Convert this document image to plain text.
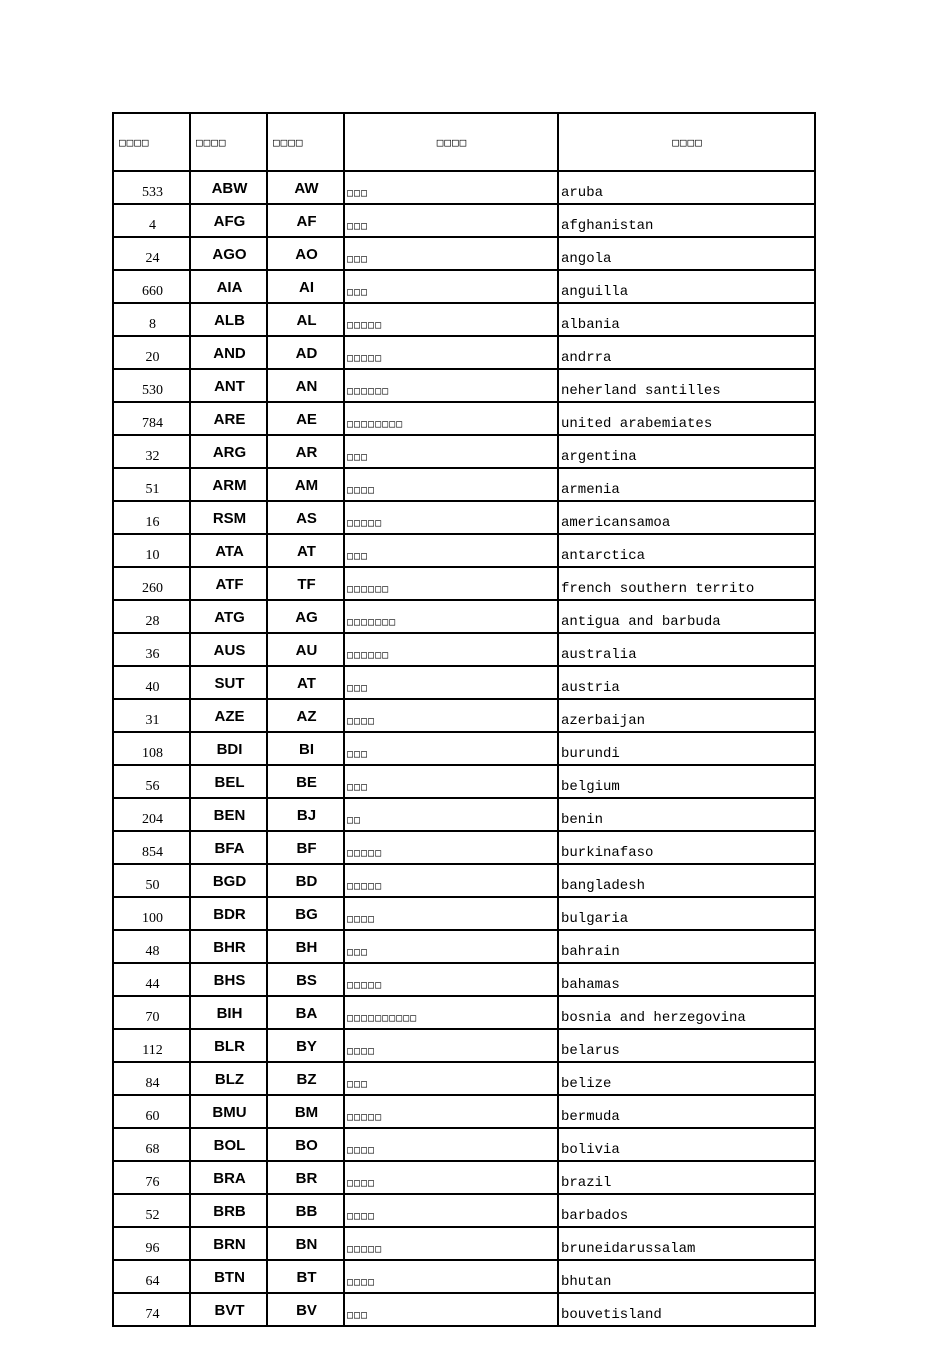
□□□□	□□□□	□□□□	□□□□	□□□□
533	ABW	AW	□□□	aruba
4	AFG	AF	□□□	afghanistan
24	AGO	AO	□□□	angola
660	AIA	AI	□□□	anguilla
8	ALB	AL	□□□□□	albania
20	AND	AD	□□□□□	andrra
530	ANT	AN	□□□□□□	neherland santilles
784	ARE	AE	□□□□□□□□	united arabemiates
32	ARG	AR	□□□	argentina
51	ARM	AM	□□□□	armenia
16	RSM	AS	□□□□□	americansamoa
10	ATA	AT	□□□	antarctica
260	ATF	TF	□□□□□□	french southern territo
28	ATG	AG	□□□□□□□	antigua and barbuda
36	AUS	AU	□□□□□□	australia
40	SUT	AT	□□□	austria
31	AZE	AZ	□□□□	azerbaijan
108	BDI	BI	□□□	burundi
56	BEL	BE	□□□	belgium
204	BEN	BJ	□□	benin
854	BFA	BF	□□□□□	burkinafaso
50	BGD	BD	□□□□□	bangladesh
100	BDR	BG	□□□□	bulgaria
48	BHR	BH	□□□	bahrain
44	BHS	BS	□□□□□	bahamas
70	BIH	BA	□□□□□□□□□□	bosnia and herzegovina
112	BLR	BY	□□□□	belarus
84	BLZ	BZ	□□□	belize
60	BMU	BM	□□□□□	bermuda
68	BOL	BO	□□□□	bolivia
76	BRA	BR	□□□□	brazil
52	BRB	BB	□□□□	barbados
96	BRN	BN	□□□□□	bruneidarussalam
64	BTN	BT	□□□□	bhutan
74	BVT	BV	□□□	bouvetisland
